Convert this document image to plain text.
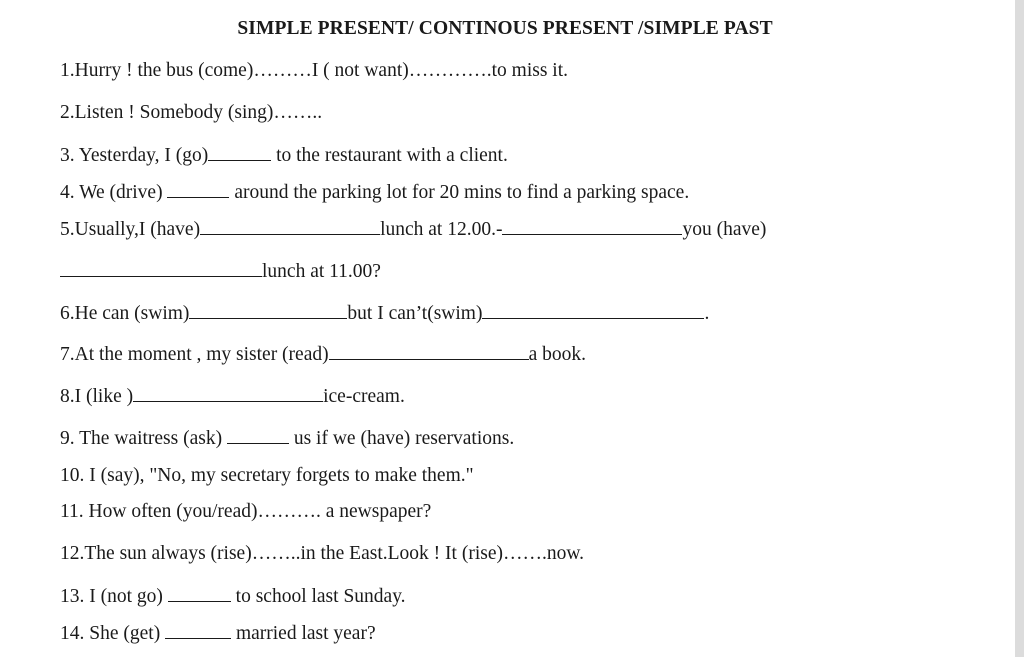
SIMPLE PRESENT/ CONTINOUS PRESENT /SIMPLE PAST
1.Hurry ! the bus (come)………I ( not want)………….to miss it.
2.Listen ! Somebody (sing)……..
3. Yesterday, I (go)	to the restaurant with a client.
4. We (drive)	around the parking lot for 20 mins to find a parking space.
5.Usually,I (have)	lunch at 12.00.-	you (have)
lunch at 11.00?
6.He can (swim)	but I can’t(swim)	.
7.At the moment , my sister (read)	a book.
8.I (like )	ice-cream.
9. The waitress (ask)	us if we (have) reservations.
10. I (say), "No, my secretary forgets to make them."
11. How often (you/read)………. a newspaper?
12.The sun always (rise)……..in the East.Look ! It (rise)…….now.
13. I (not go)	to school last Sunday.
14. She (get)	married last year?
